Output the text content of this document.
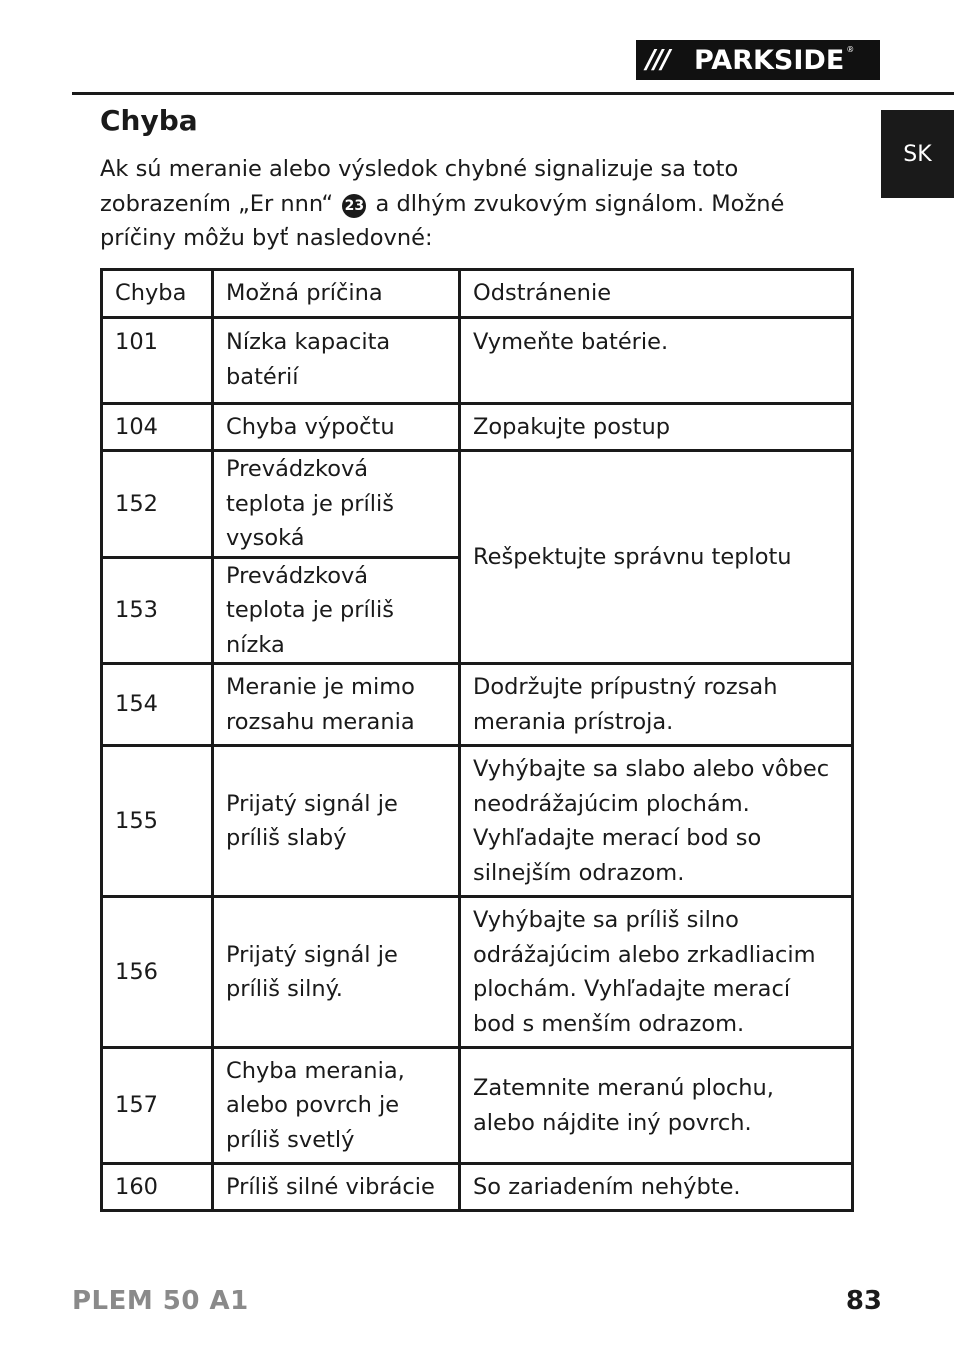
/// PARKSIDE ®
SK
Chyba

Ak sú meranie alebo výsledok chybné signalizuje sa toto zobrazením „Er nnn“ 23 a dlhým zvukovým signálom. Možné príčiny môžu byť nasledovné:

Chyba	Možná príčina	Odstránenie
101	Nízka kapacita batérií	Vymeňte batérie.
104	Chyba výpočtu	Zopakujte postup
152	Prevádzková teplota je príliš vysoká	Rešpektujte správnu teplotu
153	Prevádzková teplota je príliš nízka	
154	Meranie je mimo rozsahu merania	Dodržujte prípustný rozsah merania prístroja.
155	Prijatý signál je príliš slabý	Vyhýbajte sa slabo alebo vôbec neodrážajúcim plochám. Vyhľadajte merací bod so silnejším odrazom.
156	Prijatý signál je príliš silný.	Vyhýbajte sa príliš silno odrážajúcim alebo zrkadliacim plochám. Vyhľadajte merací bod s menším odrazom.
157	Chyba merania, alebo povrch je príliš svetlý	Zatemnite meranú plochu, alebo nájdite iný povrch.
160	Príliš silné vibrácie	So zariadením nehýbte.
PLEM 50 A1	83
